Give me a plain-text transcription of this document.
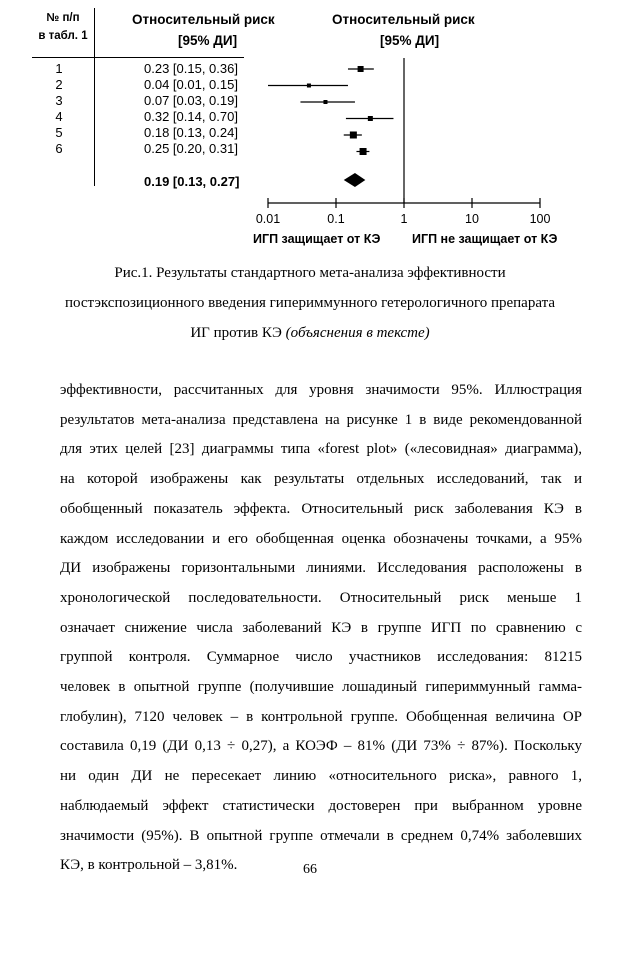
№ п/п
в табл. 1
Относительный риск
[95% ДИ]
Относительный риск
[95% ДИ]
1	0.23 [0.15, 0.36]
2	0.04 [0.01, 0.15]
3	0.07 [0.03, 0.19]
4	0.32 [0.14, 0.70]
5	0.18 [0.13, 0.24]
6	0.25 [0.20, 0.31]
0.19 [0.13, 0.27]
0.01	0.1	1	10	100
ИГП защищает от КЭ	ИГП не защищает от КЭ
Рис.1. Результаты стандартного мета-анализа эффективности
постэкспозиционного введения гипериммунного гетерологичного препарата
ИГ против КЭ (объяснения в тексте)
эффективности, рассчитанных для уровня значимости 95%. Иллюстрация
результатов мета-анализа представлена на рисунке 1 в виде рекомендованной
для этих целей [23] диаграммы типа «forest plot» («лесовидная» диаграмма),
на которой изображены как результаты отдельных исследований, так и
обобщенный показатель эффекта. Относительный риск заболевания КЭ в
каждом исследовании и его обобщенная оценка обозначены точками, а 95%
ДИ изображены горизонтальными линиями. Исследования расположены в
хронологической последовательности. Относительный риск меньше 1
означает снижение числа заболеваний КЭ в группе ИГП по сравнению с
группой контроля. Суммарное число участников исследования: 81215
человек в опытной группе (получившие лошадиный гипериммунный гамма-
глобулин), 7120 человек – в контрольной группе. Обобщенная величина ОР
составила 0,19 (ДИ 0,13 ÷ 0,27), а КОЭФ – 81% (ДИ 73% ÷ 87%). Поскольку
ни один ДИ не пересекает линию «относительного риска», равного 1,
наблюдаемый эффект статистически достоверен при выбранном уровне
значимости (95%). В опытной группе отмечали в среднем 0,74% заболевших
КЭ, в контрольной – 3,81%.	66
